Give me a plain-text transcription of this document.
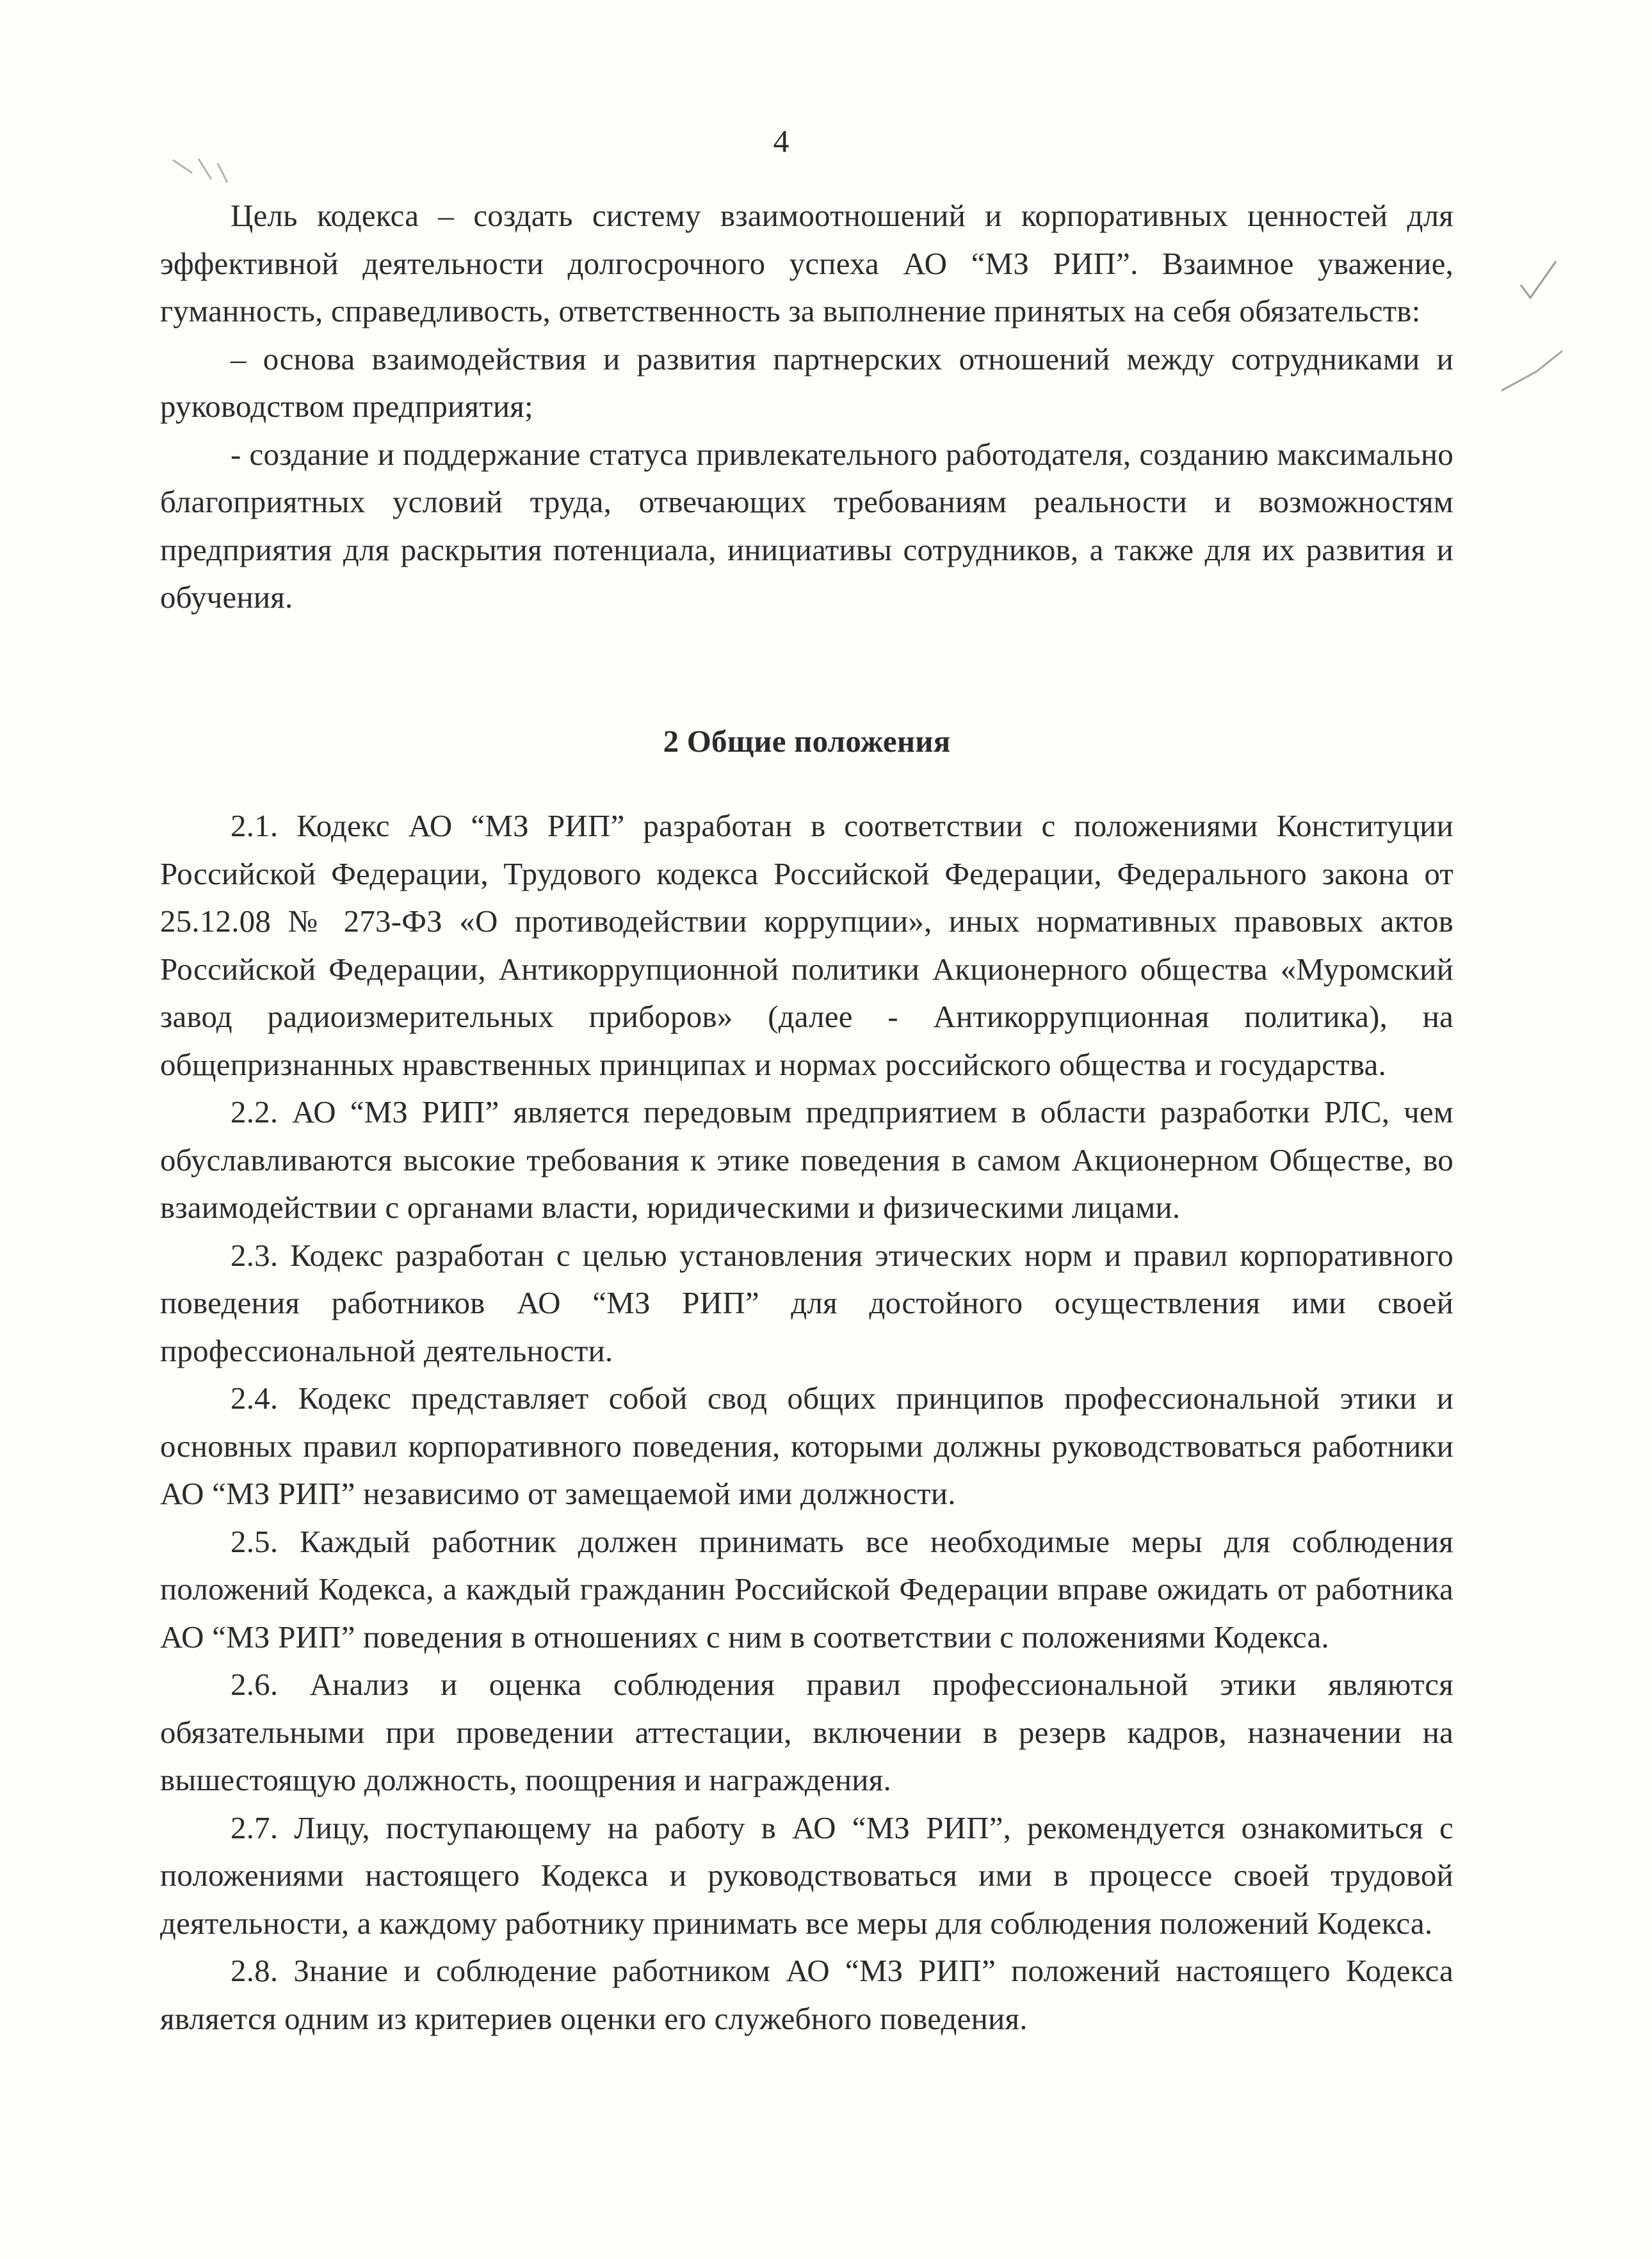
4

Цель кодекса – создать систему взаимоотношений и корпоративных ценностей для эффективной деятельности долгосрочного успеха АО “МЗ РИП”. Взаимное уважение, гуманность, справедливость, ответственность за выполнение принятых на себя обязательств:

– основа взаимодействия и развития партнерских отношений между сотрудниками и руководством предприятия;

- создание и поддержание статуса привлекательного работодателя, созданию максимально благоприятных условий труда, отвечающих требованиям реальности и возможностям предприятия для раскрытия потенциала, инициативы сотрудников, а также для их развития и обучения.

2 Общие положения

2.1. Кодекс АО “МЗ РИП” разработан в соответствии с положениями Конституции Российской Федерации, Трудового кодекса Российской Федерации, Федерального закона от 25.12.08 № 273-ФЗ «О противодействии коррупции», иных нормативных правовых актов Российской Федерации, Антикоррупционной политики Акционерного общества «Муромский завод радиоизмерительных приборов» (далее - Антикоррупционная политика), на общепризнанных нравственных принципах и нормах российского общества и государства.

2.2. АО “МЗ РИП” является передовым предприятием в области разработки РЛС, чем обуславливаются высокие требования к этике поведения в самом Акционерном Обществе, во взаимодействии с органами власти, юридическими и физическими лицами.

2.3. Кодекс разработан с целью установления этических норм и правил корпоративного поведения работников АО “МЗ РИП” для достойного осуществления ими своей профессиональной деятельности.

2.4. Кодекс представляет собой свод общих принципов профессиональной этики и основных правил корпоративного поведения, которыми должны руководствоваться работники АО “МЗ РИП” независимо от замещаемой ими должности.

2.5. Каждый работник должен принимать все необходимые меры для соблюдения положений Кодекса, а каждый гражданин Российской Федерации вправе ожидать от работника АО “МЗ РИП” поведения в отношениях с ним в соответствии с положениями Кодекса.

2.6. Анализ и оценка соблюдения правил профессиональной этики являются обязательными при проведении аттестации, включении в резерв кадров, назначении на вышестоящую должность, поощрения и награждения.

2.7. Лицу, поступающему на работу в АО “МЗ РИП”, рекомендуется ознакомиться с положениями настоящего Кодекса и руководствоваться ими в процессе своей трудовой деятельности, а каждому работнику принимать все меры для соблюдения положений Кодекса.

2.8. Знание и соблюдение работником АО “МЗ РИП” положений настоящего Кодекса является одним из критериев оценки его служебного поведения.
